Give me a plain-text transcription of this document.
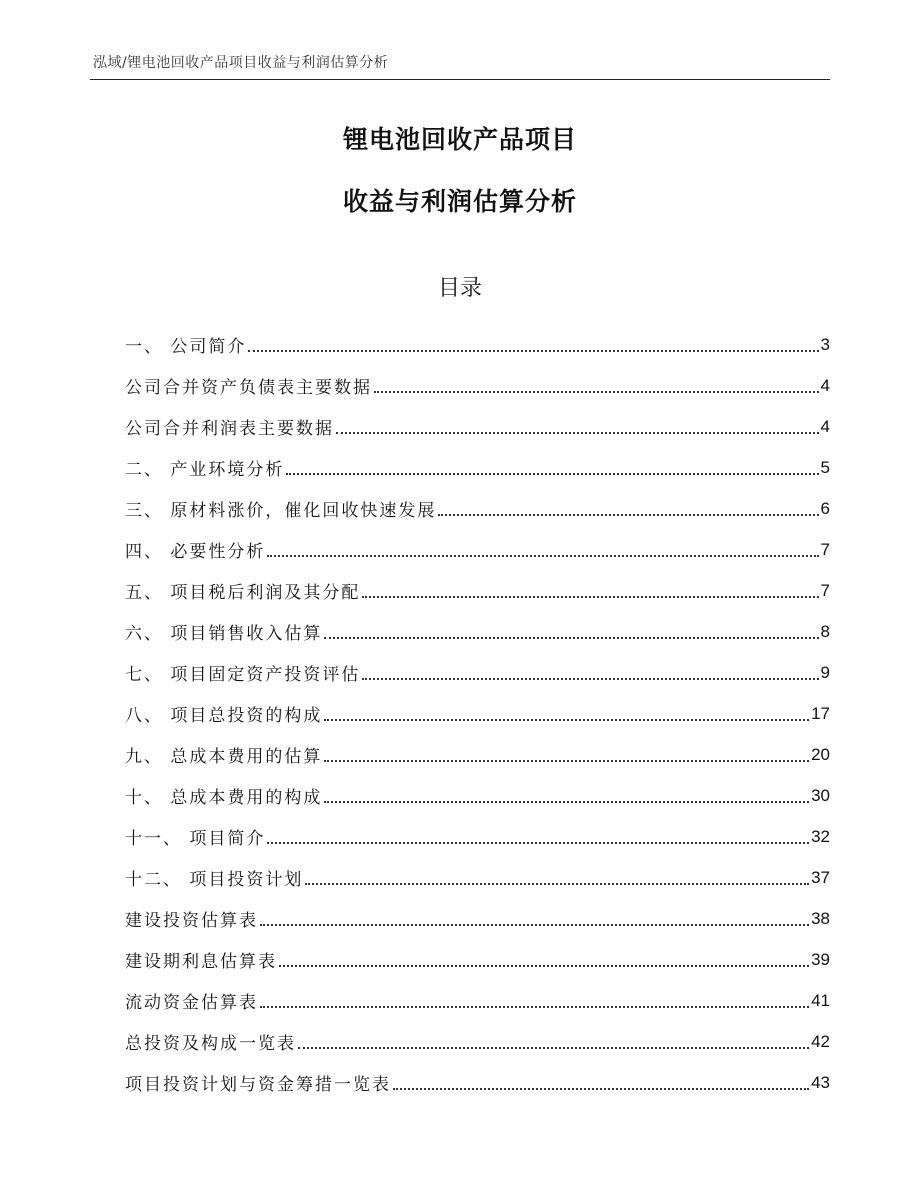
泓域/锂电池回收产品项目收益与利润估算分析
锂电池回收产品项目
收益与利润估算分析
目录
一、 公司简介	3
公司合并资产负债表主要数据	4
公司合并利润表主要数据	4
二、 产业环境分析	5
三、 原材料涨价，催化回收快速发展	6
四、 必要性分析	7
五、 项目税后利润及其分配	7
六、 项目销售收入估算	8
七、 项目固定资产投资评估	9
八、 项目总投资的构成	17
九、 总成本费用的估算	20
十、 总成本费用的构成	30
十一、 项目简介	32
十二、 项目投资计划	37
建设投资估算表	38
建设期利息估算表	39
流动资金估算表	41
总投资及构成一览表	42
项目投资计划与资金筹措一览表	43
